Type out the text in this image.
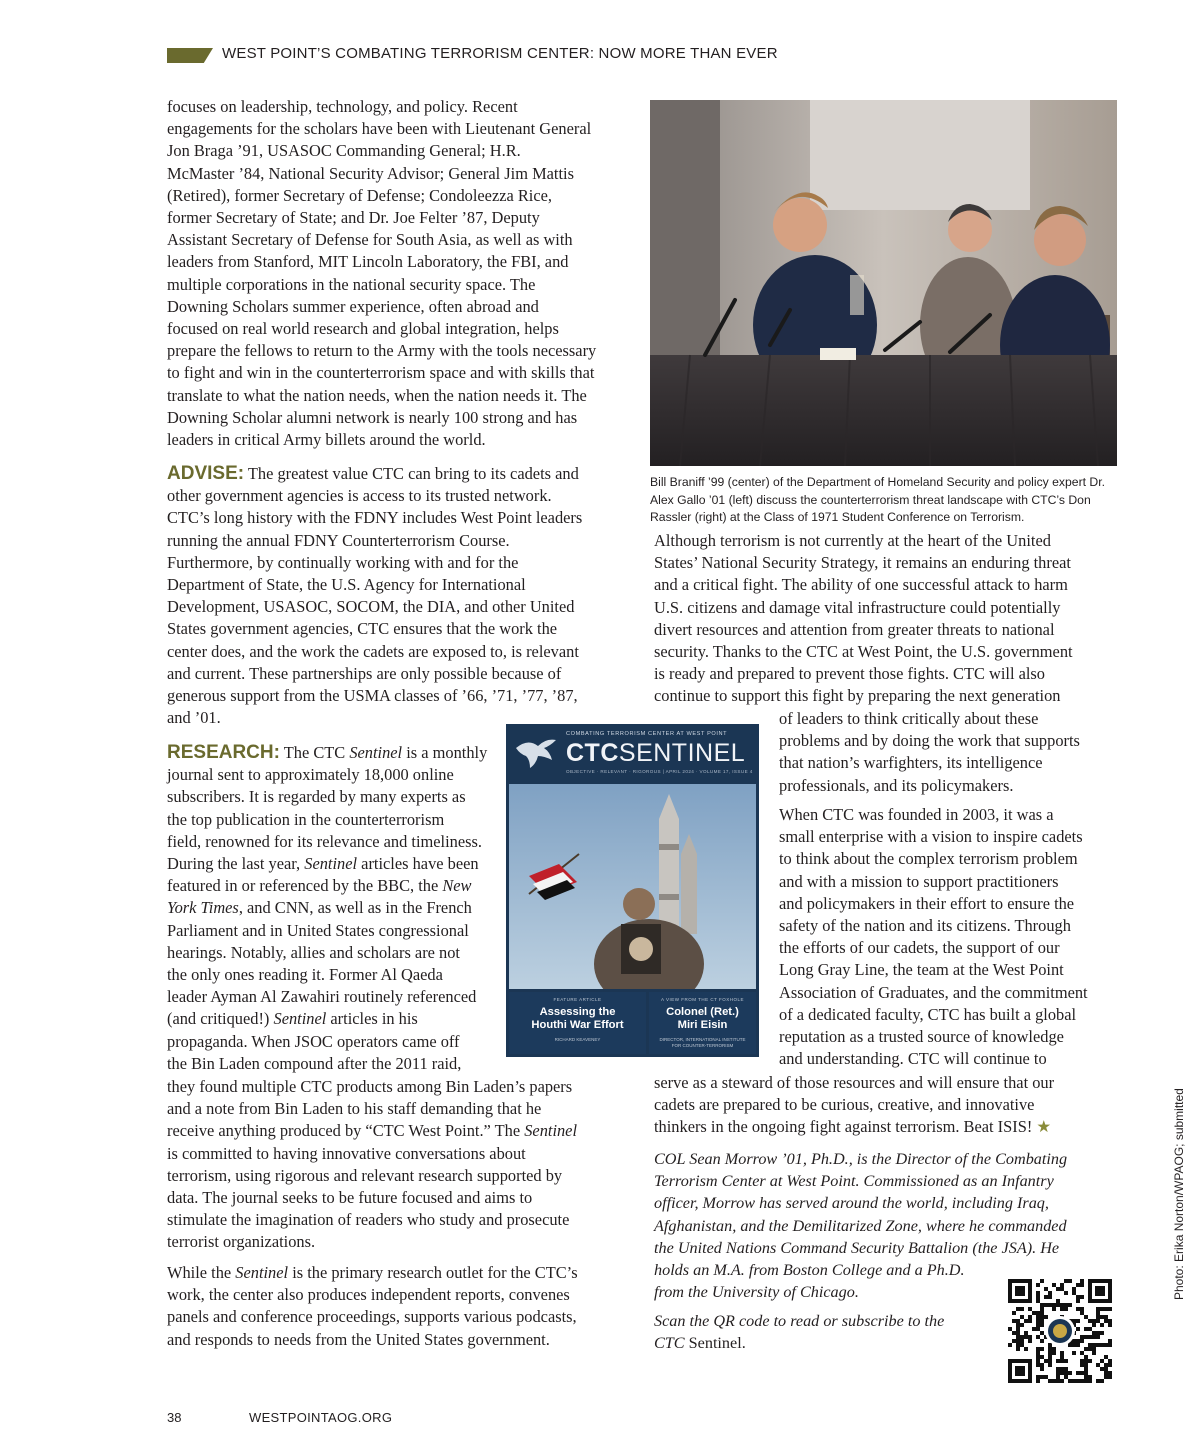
WEST POINT’S COMBATING TERRORISM CENTER: NOW MORE THAN EVER
focuses on leadership, technology, and policy. Recent
engagements for the scholars have been with Lieutenant General
Jon Braga ’91, USASOC Commanding General; H.R.
McMaster ’84, National Security Advisor; General Jim Mattis
(Retired), former Secretary of Defense; Condoleezza Rice,
former Secretary of State; and Dr. Joe Felter ’87, Deputy
Assistant Secretary of Defense for South Asia, as well as with
leaders from Stanford, MIT Lincoln Laboratory, the FBI, and
multiple corporations in the national security space. The
Downing Scholars summer experience, often abroad and
focused on real world research and global integration, helps
prepare the fellows to return to the Army with the tools necessary
to fight and win in the counterterrorism space and with skills that
translate to what the nation needs, when the nation needs it. The
Downing Scholar alumni network is nearly 100 strong and has
leaders in critical Army billets around the world.
ADVISE: The greatest value CTC can bring to its cadets and
other government agencies is access to its trusted network.
CTC’s long history with the FDNY includes West Point leaders
running the annual FDNY Counterterrorism Course.
Furthermore, by continually working with and for the
Department of State, the U.S. Agency for International
Development, USASOC, SOCOM, the DIA, and other United
States government agencies, CTC ensures that the work the
center does, and the work the cadets are exposed to, is relevant
and current. These partnerships are only possible because of
generous support from the USMA classes of ’66, ’71, ’77, ’87,
and ’01.
RESEARCH: The CTC Sentinel is a monthly
journal sent to approximately 18,000 online
subscribers. It is regarded by many experts as
the top publication in the counterterrorism
field, renowned for its relevance and timeliness.
During the last year, Sentinel articles have been
featured in or referenced by the BBC, the New
York Times, and CNN, as well as in the French
Parliament and in United States congressional
hearings. Notably, allies and scholars are not
the only ones reading it. Former Al Qaeda
leader Ayman Al Zawahiri routinely referenced
(and critiqued!) Sentinel articles in his
propaganda. When JSOC operators came off
the Bin Laden compound after the 2011 raid,
they found multiple CTC products among Bin Laden’s papers
and a note from Bin Laden to his staff demanding that he
receive anything produced by “CTC West Point.” The Sentinel
is committed to having innovative conversations about
terrorism, using rigorous and relevant research supported by
data. The journal seeks to be future focused and aims to
stimulate the imagination of readers who study and prosecute
terrorist organizations.
While the Sentinel is the primary research outlet for the CTC’s
work, the center also produces independent reports, convenes
panels and conference proceedings, supports various podcasts,
and responds to needs from the United States government.
Bill Braniff ’99 (center) of the Department of Homeland Security and policy expert Dr.
Alex Gallo ’01 (left) discuss the counterterrorism threat landscape with CTC’s Don
Rassler (right) at the Class of 1971 Student Conference on Terrorism.
Although terrorism is not currently at the heart of the United
States’ National Security Strategy, it remains an enduring threat
and a critical fight. The ability of one successful attack to harm
U.S. citizens and damage vital infrastructure could potentially
divert resources and attention from greater threats to national
security. Thanks to the CTC at West Point, the U.S. government
is ready and prepared to prevent those fights. CTC will also
continue to support this fight by preparing the next generation
of leaders to think critically about these
problems and by doing the work that supports
that nation’s warfighters, its intelligence
professionals, and its policymakers.
When CTC was founded in 2003, it was a
small enterprise with a vision to inspire cadets
to think about the complex terrorism problem
and with a mission to support practitioners
and policymakers in their effort to ensure the
safety of the nation and its citizens. Through
the efforts of our cadets, the support of our
Long Gray Line, the team at the West Point
Association of Graduates, and the commitment
of a dedicated faculty, CTC has built a global
reputation as a trusted source of knowledge
and understanding. CTC will continue to
serve as a steward of those resources and will ensure that our
cadets are prepared to be curious, creative, and innovative
thinkers in the ongoing fight against terrorism. Beat ISIS! ★
COL Sean Morrow ’01, Ph.D., is the Director of the Combating
Terrorism Center at West Point. Commissioned as an Infantry
officer, Morrow has served around the world, including Iraq,
Afghanistan, and the Demilitarized Zone, where he commanded
the United Nations Command Security Battalion (the JSA). He
holds an M.A. from Boston College and a Ph.D.
from the University of Chicago.
Scan the QR code to read or subscribe to the
CTC Sentinel.
COMBATING TERRORISM CENTER AT WEST POINT
CTCSENTINEL
OBJECTIVE · RELEVANT · RIGOROUS | APRIL 2024 · VOLUME 17, ISSUE 4
FEATURE ARTICLE
Assessing the
Houthi War Effort
RICHARD KEAVENEY
A VIEW FROM THE CT FOXHOLE
Colonel (Ret.)
Miri Eisin
DIRECTOR, INTERNATIONAL INSTITUTE
FOR COUNTER-TERRORISM
Photo: Erika Norton/WPAOG; submitted
38	WESTPOINTAOG.ORG
